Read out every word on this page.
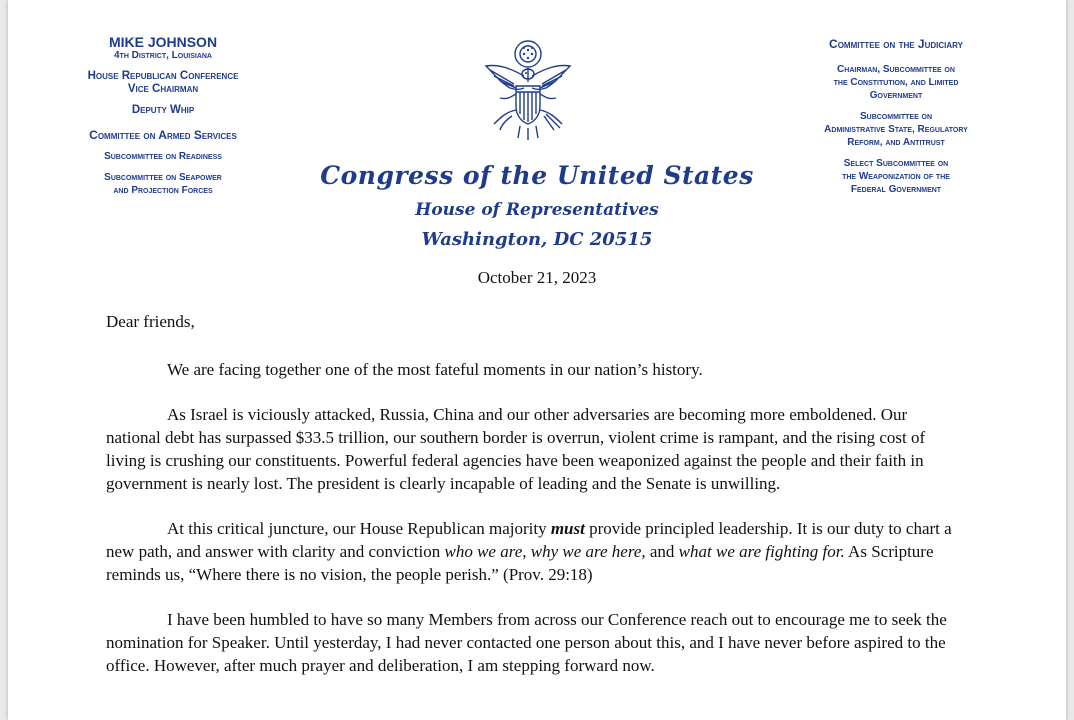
MIKE JOHNSON
4th District, Louisiana
House Republican Conference
Vice Chairman
Deputy Whip
Committee on Armed Services
Subcommittee on Readiness
Subcommittee on Seapower
and Projection Forces
Congress of the United States
House of Representatives
Washington, DC 20515
Committee on the Judiciary
Chairman, Subcommittee on
the Constitution, and Limited
Government
Subcommittee on
Administrative State, Regulatory
Reform, and Antitrust
Select Subcommittee on
the Weaponization of the
Federal Government
October 21, 2023

Dear friends,

We are facing together one of the most fateful moments in our nation’s history.

As Israel is viciously attacked, Russia, China and our other adversaries are becoming more emboldened. Our national debt has surpassed $33.5 trillion, our southern border is overrun, violent crime is rampant, and the rising cost of living is crushing our constituents. Powerful federal agencies have been weaponized against the people and their faith in government is nearly lost. The president is clearly incapable of leading and the Senate is unwilling.

At this critical juncture, our House Republican majority must provide principled leadership. It is our duty to chart a new path, and answer with clarity and conviction who we are, why we are here, and what we are fighting for. As Scripture reminds us, “Where there is no vision, the people perish.” (Prov. 29:18)

I have been humbled to have so many Members from across our Conference reach out to encourage me to seek the nomination for Speaker. Until yesterday, I had never contacted one person about this, and I have never before aspired to the office. However, after much prayer and deliberation, I am stepping forward now.
